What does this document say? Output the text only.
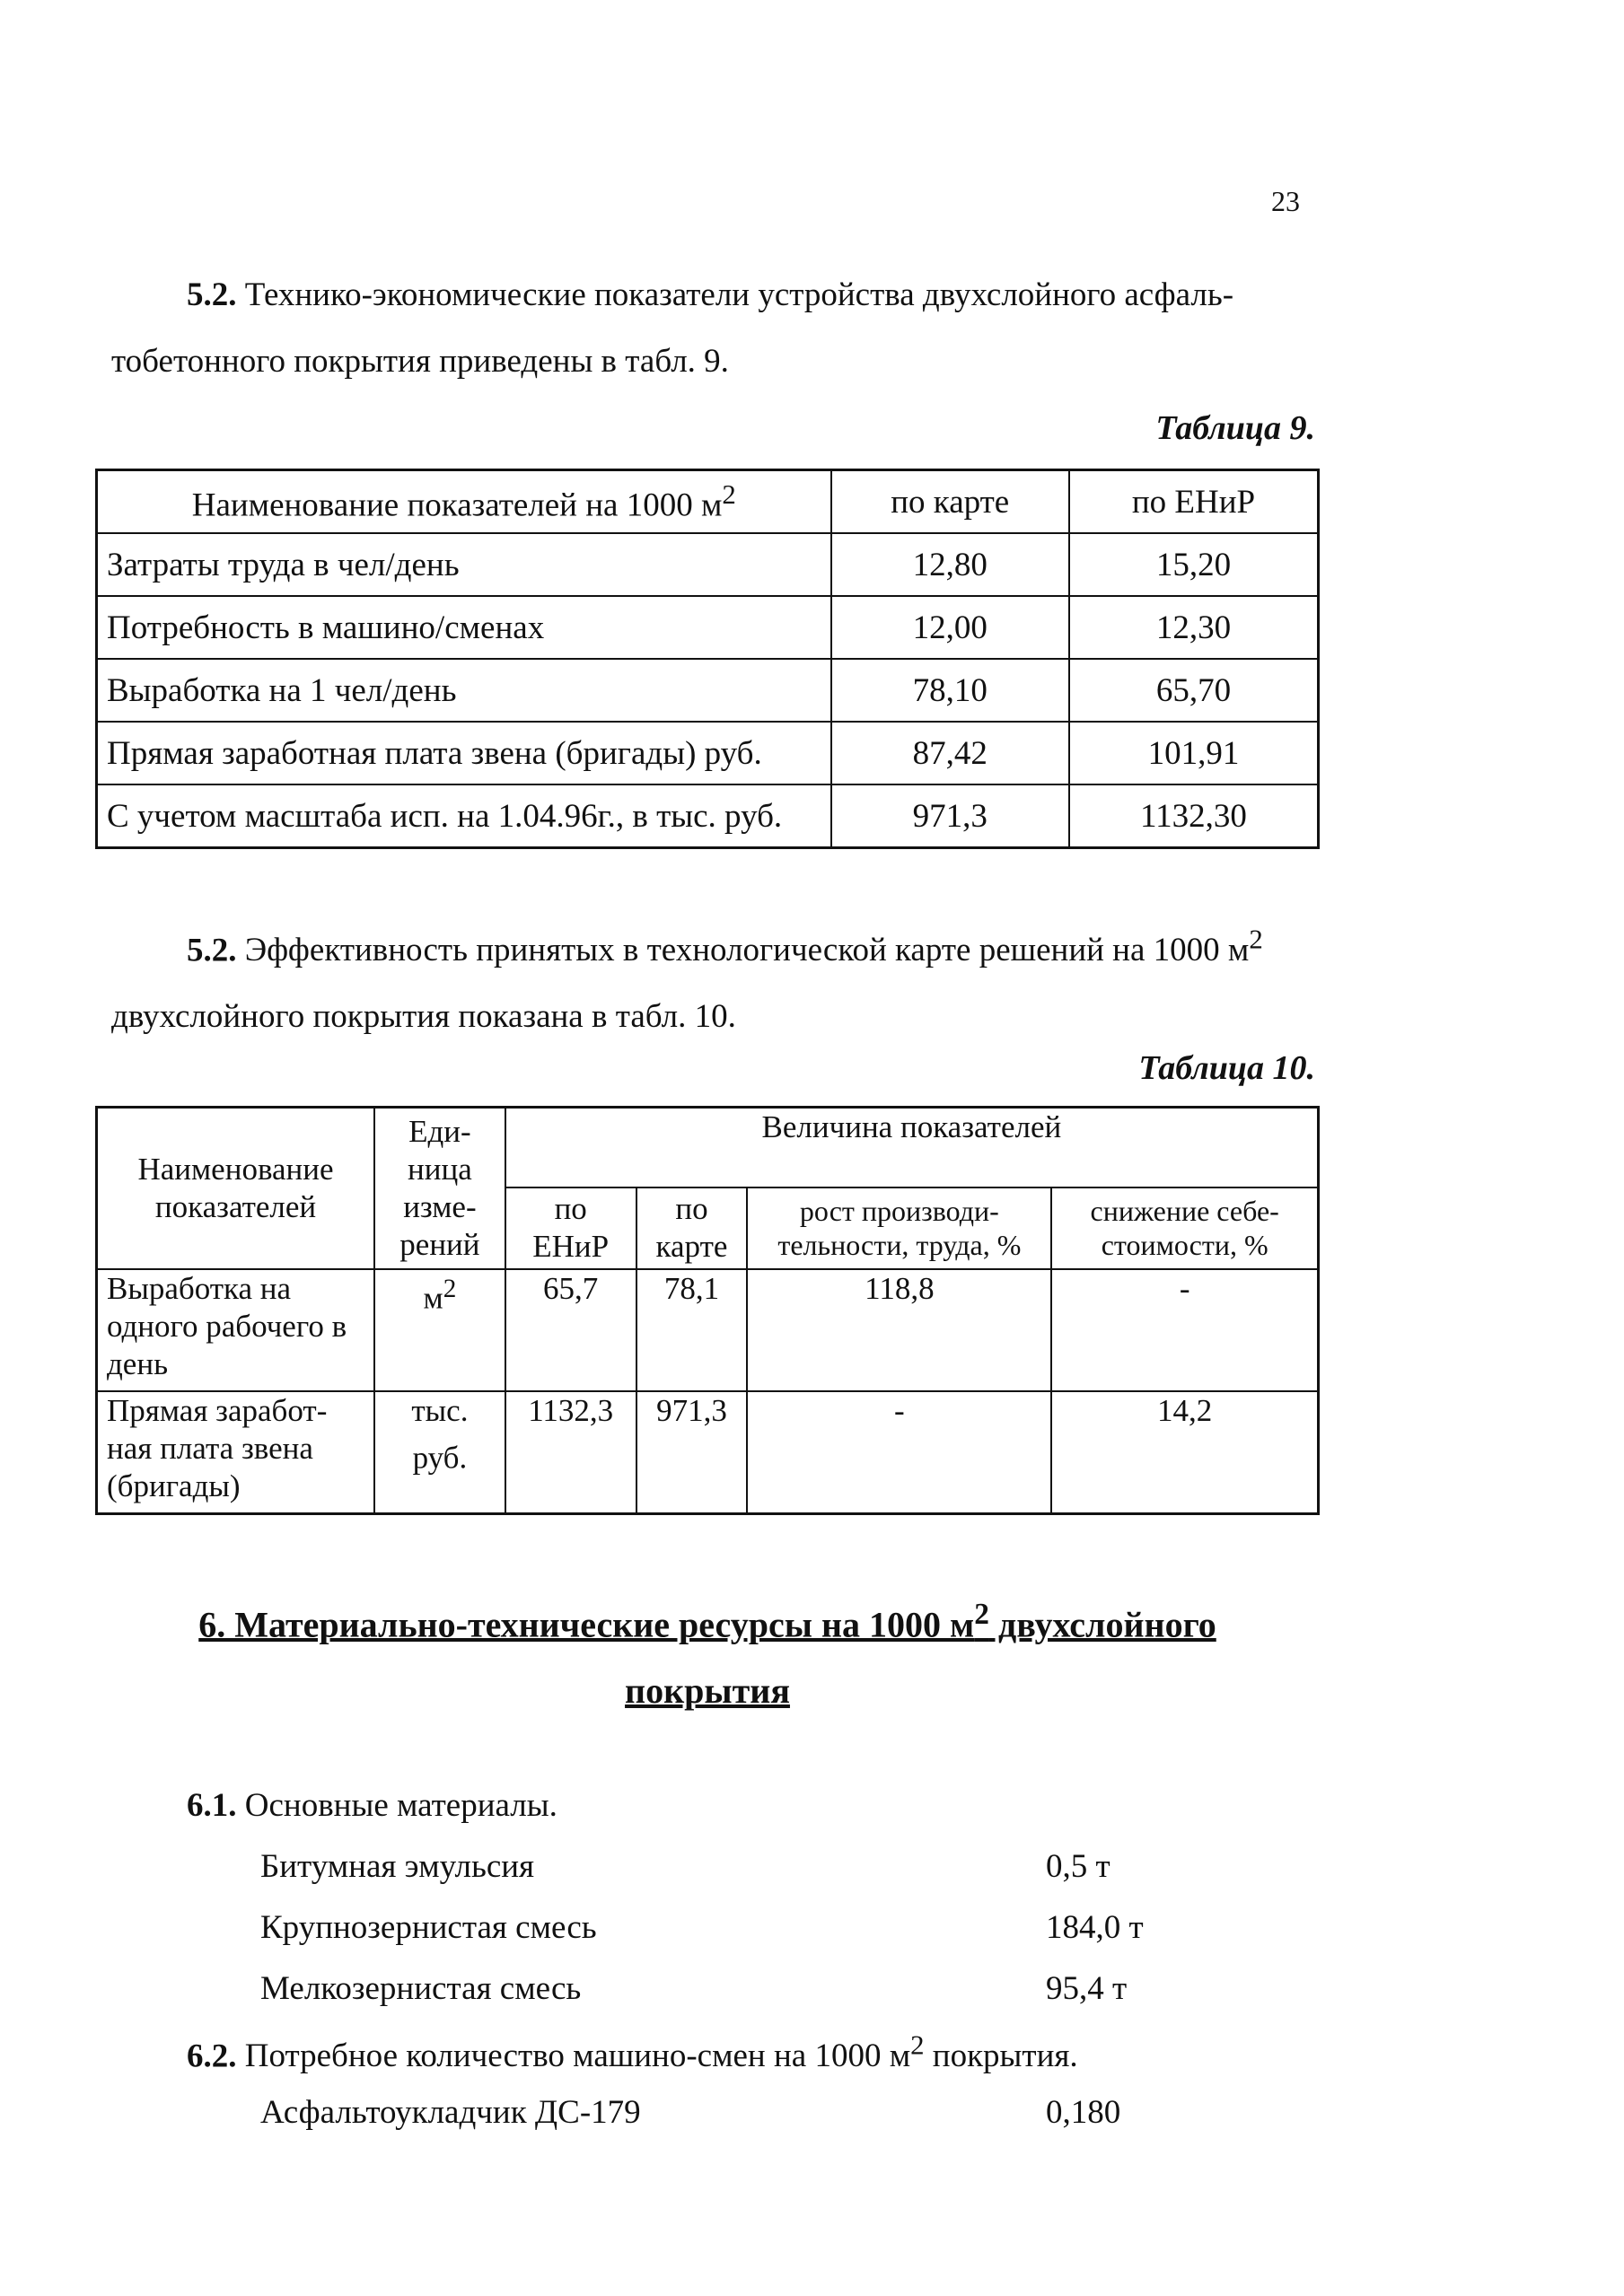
23
5.2. Технико-экономические показатели устройства двухслойного асфаль-
тобетонного покрытия приведены в табл. 9.
Таблица 9.
Наименование показателей на 1000 $м^2$	по карте	по ЕНиР
Затраты труда в чел/день	12,80	15,20
Потребность в машино/сменах	12,00	12,30
Выработка на 1 чел/день	78,10	65,70
Прямая заработная плата звена (бригады) руб.	87,42	101,91
С учетом масштаба исп. на 1.04.96г., в тыс. руб.	971,3	1132,30
5.2. Эффективность принятых в технологической карте решений на 1000 $м^2$
двухслойного покрытия показана в табл. 10.
Таблица 10.
Наименование показателей	Еди-ница изме-рений	Величина показателей			
		по ЕНиР	по карте	рост производи-тельности, труда, %	снижение себе-стоимости, %
Выработка на одного рабочего в день	$м^2$	65,7	78,1	118,8	-
Прямая заработ-ная плата звена (бригады)	тыс. руб.	1132,3	971,3	-	14,2
6. Материально-технические ресурсы на 1000 $м^2$ двухслойного
покрытия
6.1. Основные материалы.
Битумная эмульсия	0,5 т
Крупнозернистая смесь	184,0 т
Мелкозернистая смесь	95,4 т
6.2. Потребное количество машино-смен на 1000 $м^2$ покрытия.
Асфальтоукладчик ДС-179	0,180
